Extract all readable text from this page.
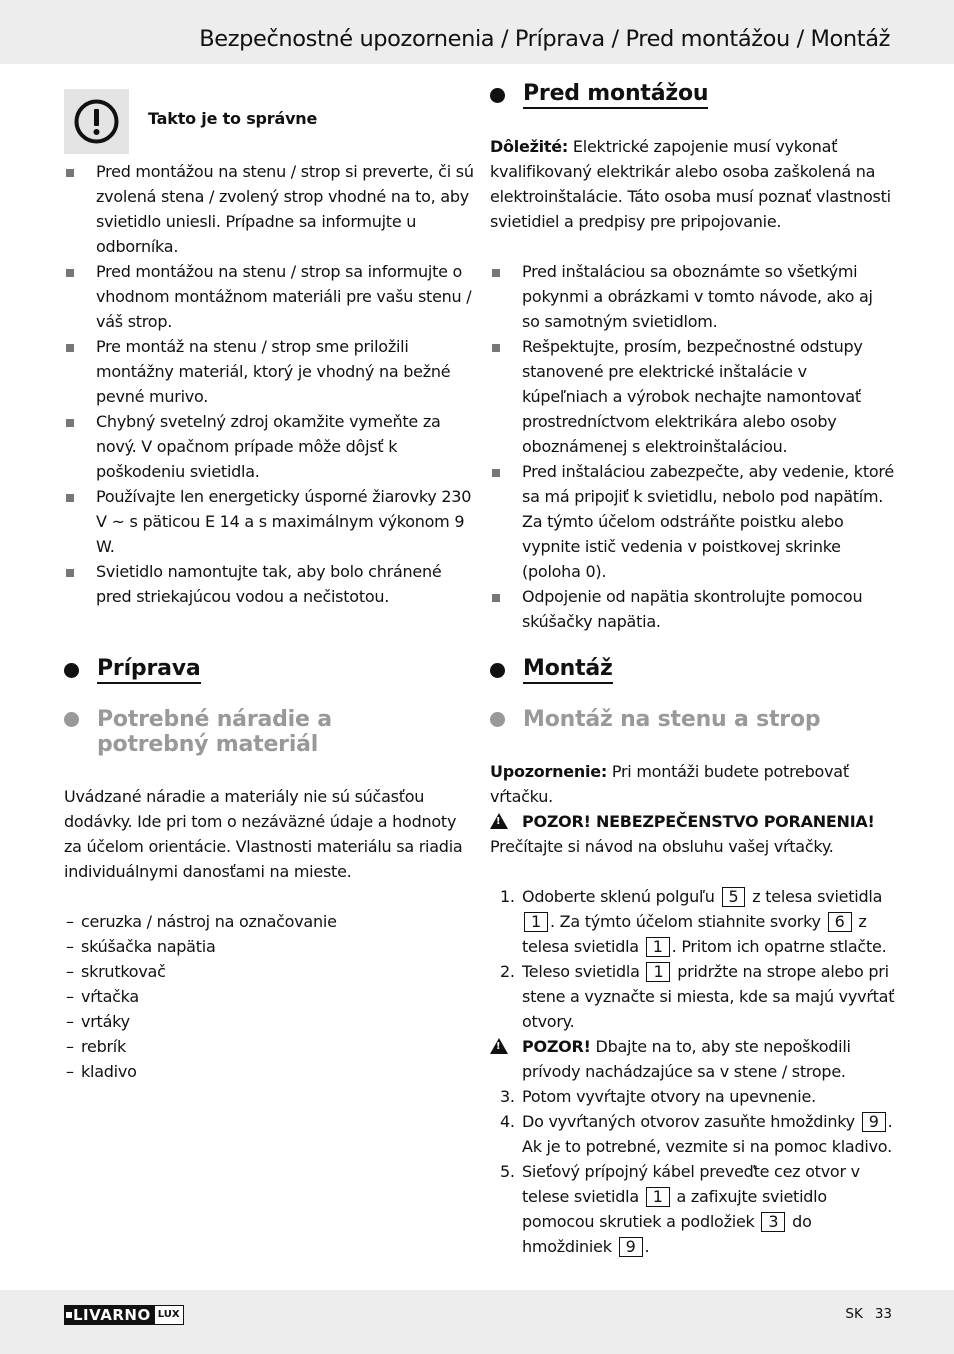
Bezpečnostné upozornenia / Príprava / Pred montážou / Montáž
Takto je to správne
Pred montážou na stenu / strop si preverte, či sú zvolená stena / zvolený strop vhodné na to, aby svietidlo uniesli. Prípadne sa informujte u odborníka.
Pred montážou na stenu / strop sa informujte o vhodnom montážnom materiáli pre vašu stenu / váš strop.
Pre montáž na stenu / strop sme priložili montážny materiál, ktorý je vhodný na bežné pevné murivo.
Chybný svetelný zdroj okamžite vymeňte za nový. V opačnom prípade môže dôjsť k poškodeniu svietidla.
Používajte len energeticky úsporné žiarovky 230 V ~ s päticou E 14 a s maximálnym výkonom 9 W.
Svietidlo namontujte tak, aby bolo chránené pred striekajúcou vodou a nečistotou.
Príprava
Potrebné náradie a potrebný materiál
Uvádzané náradie a materiály nie sú súčasťou dodávky. Ide pri tom o nezáväzné údaje a hodnoty za účelom orientácie. Vlastnosti materiálu sa riadia individuálnymi danosťami na mieste.
– ceruzka / nástroj na označovanie
– skúšačka napätia
– skrutkovač
– vŕtačka
– vrtáky
– rebrík
– kladivo
Pred montážou
Dôležité: Elektrické zapojenie musí vykonať kvalifikovaný elektrikár alebo osoba zaškolená na elektroinštalácie. Táto osoba musí poznať vlastnosti svietidiel a predpisy pre pripojovanie.
Pred inštaláciou sa oboznámte so všetkými pokynmi a obrázkami v tomto návode, ako aj so samotným svietidlom.
Rešpektujte, prosím, bezpečnostné odstupy stanovené pre elektrické inštalácie v kúpeľniach a výrobok nechajte namontovať prostredníctvom elektrikára alebo osoby oboznámenej s elektroinštaláciou.
Pred inštaláciou zabezpečte, aby vedenie, ktoré sa má pripojiť k svietidlu, nebolo pod napätím. Za týmto účelom odstráňte poistku alebo vypnite istič vedenia v poistkovej skrinke (poloha 0).
Odpojenie od napätia skontrolujte pomocou skúšačky napätia.
Montáž
Montáž na stenu a strop
Upozornenie: Pri montáži budete potrebovať vŕtačku.
!
POZOR! NEBEZPEČENSTVO PORANENIA!
Prečítajte si návod na obsluhu vašej vŕtačky.
1. Odoberte sklenú polguľu 5 z telesa svietidla 1 . Za týmto účelom stiahnite svorky 6 z telesa svietidla 1 . Pritom ich opatrne stlačte.
2. Teleso svietidla 1 pridržte na strope alebo pri stene a vyznačte si miesta, kde sa majú vyvŕtať otvory.
!
POZOR! Dbajte na to, aby ste nepoškodili prívody nachádzajúce sa v stene / strope.
3. Potom vyvŕtajte otvory na upevnenie.
4. Do vyvŕtaných otvorov zasuňte hmoždinky 9 . Ak je to potrebné, vezmite si na pomoc kladivo.
5. Sieťový prípojný kábel preveďte cez otvor v telese svietidla 1 a zafixujte svietidlo pomocou skrutiek a podložiek 3 do hmoždiniek 9 .
LIVARNO LUX	SK 33
